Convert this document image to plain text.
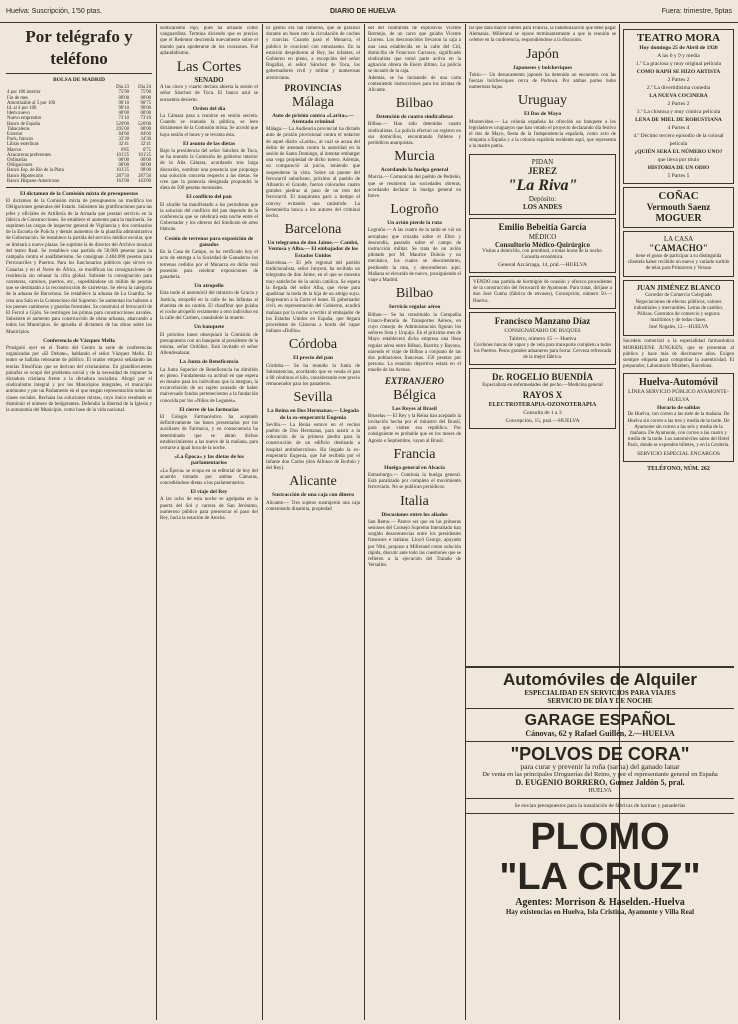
Huelva: Suscripción, 1'50 ptas.	DIARIO DE HUELVA	Fuera: trimestre, 5ptas
Por telégrafo y teléfono
BOLSA DE MADRID
	Día 23	Día 24
4 por 100 interior	75'90	75'90
Fin de mes	00'00	00'00
Amortizable al 5 por 100	90'10	90'75
Id. al 4 por 100	90'10	90'00
Idem nuevo	00'00	00'00
Nuevo emprestito	73'10	73'10
Banco de España	520'00	520'00
Tabacaleras	295'00	00'00
Exterior	84'60	84'60
París, francos	33'30	34'30
Libras esterlinas	32'41	32'41
Marcos	0'85	0'75
Azucareras preferentes	101'25	101'25
Ordinarias	00'00	00'00
Obligaciones	00'00	00'00
Banco Esp. de Río de la Plata	103'25	98'00
Banco Hipotecario	287'50	287'50
Banco Hispano-Americano	163'90	163'00
El dictamen de la Comisión mixta de presupuestos
El dictamen de la Comisión mixta de presupuestos no modifica los Obligaciones generales del Estado. Subsisten las gratificaciones para las jefes y oficiales de Artillería de la Armada que prestan servicio en la fábrica de Construcciones. Se establece el aumento para la marinería. Se suprimen las cargas de inspector general de Vigilancia y dos comisarios de la Escuela de Policía y demás aumentos de la plantilla administrativa de Gobernación. Se restablece la partida del servicio médico escolar, que se limitará a nueve plazas. Se suprime la de director del Archivo musical del teatro Real. Se restablece una partida de 50.000 pesetas para la campaña contra el analfabetismo. Se consignan 2.484.000 pesetas para Ferrocarriles y Puertos. Para los funcionarios públicos que sirven en Canarias y en el Norte de África, se modifican las consignaciones de residencia sin rebasar la cifra global. Subsiste la consignación para carreteras, caminos, puertos, etc., supeditándose un millón de pesetas que se destinarán a la reconstrucción de carreteras. Se eleva la categoría de la aduana de Barcelona. Se restablece la aduana de La Guardia. Se crea una Sala en la Contencioso del Supremo. Se aumentan los haberes a los peones camineros y guardas forestales. Se construirá el ferrocarril de El Ferrol a Gijón. Se restringen las primas para construcciones navales. Subsisten el aumento para construcción de obras urbanas, abarcando a todos los Municipios. Se aprueba el dictamen de las obras sobre los Municipios.
Conferencia de Vázquez Mella
Prosiguió ayer en el Teatro del Centro la serie de conferencias organizadas por «El Debate», hablando el señor Vázquez Mella. El teatro se hallaba rebosante de público. El orador empezó señalando las teorías filosóficas que se derivan del cristianismo. En grandilocuentes párrafos se ocupó del problema social y de la necesidad de imponer la dictadura cristiana frente a la dictadura socialista. Abogó por el sindicalismo integral y por los Municipios integrales, el municipio autónomo y por un Parlamento en el que tengan representación todas las clases sociales. Rechaza las soluciones mixtas, cuyo único resultado es disminuir el número de beligerantes. Defendió la libertad de la Iglesia y la autonomía del Municipio, como base de la vida nacional.
sindicalismo rojo, pues ha actuado como vanguardista. Termina diciendo que es preciso que el Redentor descienda nuevamente sobre el mundo para apoderarse de los corazones. Fué aplaudidísimo.
Las Cortes
SENADO
A las cinco y cuarto declara abierta la sesión el señor Sánchez de Toca. El banco azul se encuentra desierto.
Orden del día
La Cámara pasa a reunirse en sesión secreta. Cuando se reanuda la pública, se leen dictámenes de la Comisión mixta. Se acordó que haya sesión el lunes y se levanta ésta.
El asunto de las dietas
Bajo la presidencia del señor Sánchez de Toca, se ha reunido la Comisión de gobierno interior de la Alta Cámara, acordando tras larga discusión, nombrar una ponencia que proponga una solución concreta respecto a las dietas. Se cree que la ponencia designada propondrá la dieta de 500 pesetas mensuales.
El conflicto del pan
El alcalde ha manifestado a los periodistas que la solución del conflicto del pan depende de la conferencia que se celebrará esta noche entre el Gobernador y los obreros del Sindicato de artes blancas.
Cesión de terrenos para exposición de ganados
En la Casa de Campo, se ha verificado hoy el acto de entrega a la Sociedad de Ganaderos los terrenos cedidos por el Monarca en dicho real posesión para celebrar exposiciones de ganadería.
Un atropello
Esta tarde el automóvil del ministro de Gracia y Justicia, atropelló en la calle de las Infantas al ebanista de un cantón. El chauffeur que guiaba el coche atropelló rectamente a otro individuo en la calle del Carmen, causándole la muerte.
Un banquete
El próximo lunes obsequiará la Comisión de presupuestos con un banquete al presidente de la misma, señor Ordóñez. Está invitado el señor Allendesalazar.
La Junta de Beneficencia
La Junta Superior de Beneficencia ha dimitido en pleno. Fundamenta su actitud en que espera en desaire para los individuos que la integran, la excarcelación de un sujeto acusado de haber malversado fondos pertenecientes a la fundación conocida por los «Niños de Leganés».
El cierre de las farmacias
El Colegio Farmacéutico ha aceptado definitivamente las bases presentadas por los auxiliares de Farmacia, y en consecuencia ha determinado que se abran dichos establecimientos a las nueve de la mañana, para cerrarse a igual hora de la noche.
«La Época» y las dietas de los parlamentarios
«La Época» se ocupa en su editorial de hoy del acuerdo tomado por ambas Cámaras, concediéndose dietas a los parlamentarios.
El viaje del Rey
A las ocho de esta noche se agolpaba en la puerta del Sol y carrera de San Jerónimo, numeroso público para presenciar el paso del Rey, hacia la estación de Atocha.
El gentío era tan inmenso, que se paralizó durante un buen rato la circulación de coches y tranvías. Cuando pasó el Monarca, el público le ovacionó con entusiasmo. En la estación despidieron al Rey, los infantes, el Gobierno en pleno, a excepción del señor Bugallal, el señor Sánchez de Toca, los gobernadores civil y militar y numerosas aristócratas.
PROVINCIAS
Málaga
Auto de prisión contra «Larita».— Atentado criminal
Málaga.— La Audiencia provincial ha dictado auto de prisión provisional contra el redactor de aquel diario «Larita», al cual se acusa del delito de atentado contra la autoridad en la sesión de Santo Domingo, al intentar embargar una vega propiedad de dicho torero. Además, no compareció al juicio, teniendo que suspenderse la vista. Sobre un puente del ferrocarril suburbano, próximo al pueblo de Alhaurín el Grande, fueron colocados cuatro grandes piedras al paso de un tren del ferrocarril. El maquinista paró a tiempo el convoy evitando una catástrofe. La Benemérita busca a los autores del criminal hecho.
Barcelona
Un telegrama de don Jaime.— Cambó, Ventosa y Alba.— El embajador de los Estados Unidos
Barcelona.— El jefe regional del partido tradicionalista, señor Junyent, ha recibido un telegrama de don Jaime, en el que se muestra muy satisfecho de la unión católica. Se espera la llegada del señor Alba, que viene para apadrinar la boda de la hija de un amigo suyo. Regresaron a la Corte el lunes. El gobernador civil, en representación del Gobierno, acudirá mañana por la noche a recibir al embajador de los Estados Unidos en España, que llegará procedente de Cánovas a bordo del vapor italiano «Duilio».
Córdoba
El precio del pan
Córdoba.— Se ha reunido la Junta de Subsistencias, acordando que se venda el pan a 68 céntimos el kilo, considerando este precio remunerador para los panaderos.
Sevilla
La Reina en Dos Hermanas.— Llegada de la ex-emperatriz Eugenia
Sevilla.— La Reina estuvo en el vecino pueblo de Dos Hermanas, para asistir a la colocación de la primera piedra para la construcción de un edificio destinado a hospital antituberculoso. Ha llegado la ex-emperatriz Eugenia, que fué recibida por el Infante don Carlos (don Alfonso de Borbón y del Rey).
Alicante
Sustracción de una caja con dinero
Alicante.— Tres sujetos sustrajeron una caja conteniendo dinamita, propiedad
del del contratista de explosivos Vicente Bermejo, de un carro que guiaba Vicente Llorens. Los desconocidos llevaron la caja a una casa establecida en la calle del Cid, domicilio de Francisco Carrasco, significado sindicalista que tomó parte activa en la agitación obrera de Enero último. La policía se incautó de la caja.
Además, se ha incautado de una carta conteniendo instrucciones para los ácratas de Alicante.
Bilbao
Detención de cuatro sindicalistas
Bilbao.— Han sido detenidos cuatro sindicalistas. La policía efectuó un registro en sus domicilios, encontrando folletos y periódicos anarquistas.
Murcia
Acordando la huelga general
Murcia.— Comunican del pueblo de Pedreño, que se reunieron las sociedades obreras, acordando declarar la huelga general en breve.
Logroño
Un avión pierde la ruta
Logroño.— A las cuatro de la tarde se vió un aeroplano que cruzaba sobre el Ebro y descendía, pasando sobre el campo de instrucción militar. Se trata de un avión pilotado por M. Maurice Dubois y un mecánico, los cuales se desorientaron, perdiendo la ruta, y descendieron aquí. Mañana se elevarán de nuevo, prosiguiendo el viaje a Madrid.
Bilbao
Servicio regular aéreo
Bilbao.— Se ha constituido la Compañía Franco-Iberaria de Transportes Aéreos, en cuyo consejo de Administración figuran los señores Sota y Urquijo. En el próximo mes de Mayo establecerá dicha empresa una línea regular aérea entre Bilbao, Biarritz y Bayona, uniendo el viaje de Bilbao a conjunto de las dos poblaciones francesas. 150 pesetas por persona. La estación deportiva estará en el muelle de las Arenas.
EXTRANJERO
Bélgica
Los Reyes al Brasil
Bruselas.— El Rey y la Reina han aceptado la invitación hecha por el ministro del Brasil, para que visiten esa república. Por consiguiente es probable que en los meses de Agosto o Septiembre, vayan al Brasil.
Francia
Huelga general en Alsacia
Estrasburgo.— Continúa la huelga general. Está paralizado por completo el movimiento ferroviario. No se publican periódicos.
Italia
Discusiones entre los aliados
San Remo.— Parece ser que en las primeras sesiones del Consejo Supremo Interaliado han surgido desavenencias entre los presidentes franceses e italiano. Lloyd George, apoyado por Nitti, propuso a Millerand como solución rápida, discutir ante todo las cuestiones que se refieren a la ejecución del Tratado de Versalles.
tar que dará mayor interés para Francia, la indemnización que debe pagar Alemania. Millerand se opone terminantemente a que la reunión se celebre en la conferencia, respondiéndose a la discusión.
Japón
Japoneses y bolcheviques
Tokio.— Un destacamento japonés ha detenido un encuentro con las fuerzas bolcheviques cerca de Podowa. Por ambas partes hubo numerosas bajas.
Uruguay
El Dos de Mayo
Montevideo.— La colonia española ha ofrecido un banquete a los legisladores uruguayos que han votado el proyecto declarando día festivo el dos de Mayo, fiesta de la Independencia española, como acto de simpatía a España y a la colonia española residente aquí, que representa a la madre patria.
PIDAN
JEREZ
"La Riva"
Depósito:
LOS ANDES
Emilio Bebeitia García
MÉDICO
Consultorio Médico-Quirúrgico
Visitas a domicilio, con prontitud, a todas horas de la noche. Consulta económica.
General Azcárraga, 14, pral.—HUELVA
VENDO una partida de hormigón de ocasión y ofrezco procedentes de la construcción del ferrocarril de Ayamonte. Para tratar, diríjase a don José Cunha (fábrica de envases), Concepción, número 50.—Huelva.
Francisco Manzano Díaz
CONSIGNATARIO DE BUQUES
Tablero, número 15 — Huelva
Cordones tuncas de vapor y de vela para transporte completo a todos los Puertos. Pesos grandes aduaneros para forrar. Cerveza refrescada de la mejor fábrica.
Dr. ROGELIO BUENDÍA
Especialista en enfermedades del pecho.—Medicina general
RAYOS X
ELECTROTERAPIA-OZONOTERAPIA
Consulta de 1 a 3
Concepción, 15, pral.—HUELVA
TEATRO MORA
Hoy domingo 25 de Abril de 1920
A las 6 y 9 y media
1.º La graciosa y muy original película
COMO RAPH SE HIZO ARTISTA
2 Partes 2
2.º La divertidísima comedia
LA NUEVA COCINERA
2 Partes 2
3.º La chistosa y muy cómica película
LENA DE MIEL DE ROBUSTIANA
4 Partes 4
4.º Décimo tercero episodio de la colosal película
¿QUIÉN SERÁ EL NÚMERO UNO?
que lleva por título
HISTORIA DE UN ODIO
5 Partes 5
COÑAC
Vermouth Saenz
MOGUER
LA CASA
"CAMACHO"
tiene el gusto de participar a su distinguida clientela haber recibido un nuevo y variado surtido de telas para Primavera y Verano
JUAN JIMÉNEZ BLANCO
Corredor de Comercio Colegiado
Negociaciones de efectos públicos, valores industriales y mercantiles. Letras de cambio. Pólizas. Contratos de comercio y seguros marítimos y de todas clases.
José Nogales, 12.—HUELVA
Sucedeis comercial a la especialidad farmacéutica MORRHUENE JUNGKEN, que se presentan al público y hace más de diecinueve años. Exigen siempre etiqueta para comprobar la autenticidad. El preparador, Laboratorio Miraben, Barcelona.
Huelva-Automóvil
LÍNEA SERVICIO PÚBLICO AYAMONTE-HUELVA
Horario de salidas
De Huelva, con correo a las siete de la mañana. De Huelva sin correo a las tres y media de la tarde. De Ayamonte sin correo a las seis y media de la mañana. De Ayamonte, con correo a las cuatro y media de la tarde. Los automóviles salen del Hotel París, donde se expenden billetes, y en la Cerdería.
SERVICIO ESPECIAL ENCARGOS
TELÉFONO, NÚM. 262
Automóviles de Alquiler
ESPECIALIDAD EN SERVICIOS PARA VIAJES
SERVICIO DE DÍA Y DE NOCHE
GARAGE ESPAÑOL
Cánovas, 62 y Rafael Guillén, 2.—HUELVA
"POLVOS DE CORA"
para curar y prevenir la roña (sarna) del ganado lanar
De venta en las principales Droguerías del Reino, y por el representante general en España
D. EUGENIO BORRERO, Gomez Jaldón 5, pral.
HUELVA
Se envían presupuestos para la instalación de fábricas de harinas y panaderías
PLOMO
"LA CRUZ"
Agentes: Morrison & Haselden.-Huelva
Hay existencias en Huelva, Isla Cristina, Ayamonte y Villa Real
